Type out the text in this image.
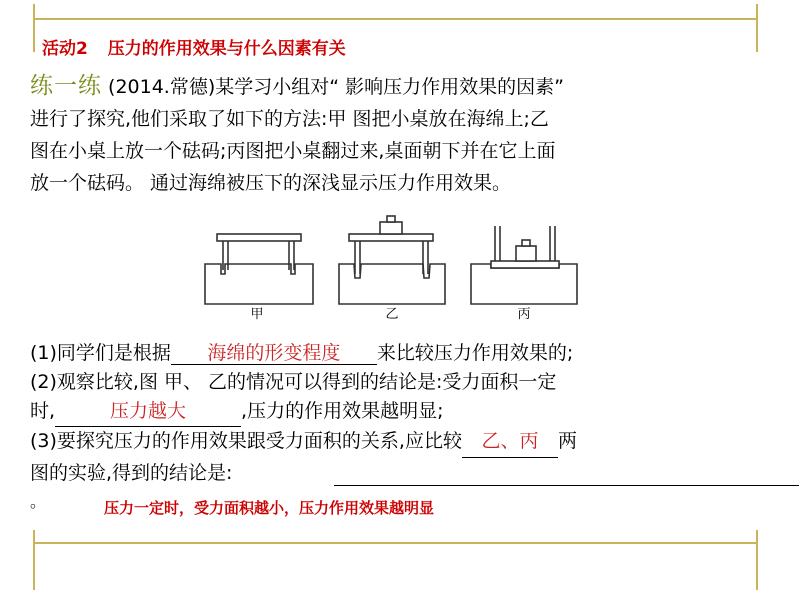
活动2 压力的作用效果与什么因素有关
练一练 (2014.常德)某学习小组对“ 影响压力作用效果的因素”
进行了探究,他们采取了如下的方法:甲 图把小桌放在海绵上;乙
图在小桌上放一个砝码;丙图把小桌翻过来,桌面朝下并在它上面
放一个砝码。 通过海绵被压下的深浅显示压力作用效果。
甲	乙	丙
(1)同学们是根据 海绵的形变程度 来比较压力作用效果的;
(2)观察比较,图 甲、 乙的情况可以得到的结论是:受力面积一定
时,	压力越大	,压力的作用效果越明显;
(3)要探究压力的作用效果跟受力面积的关系,应比较 乙、丙 两
图的实验,得到的结论是:
。	压力一定时，受力面积越小，压力作用效果越明显
